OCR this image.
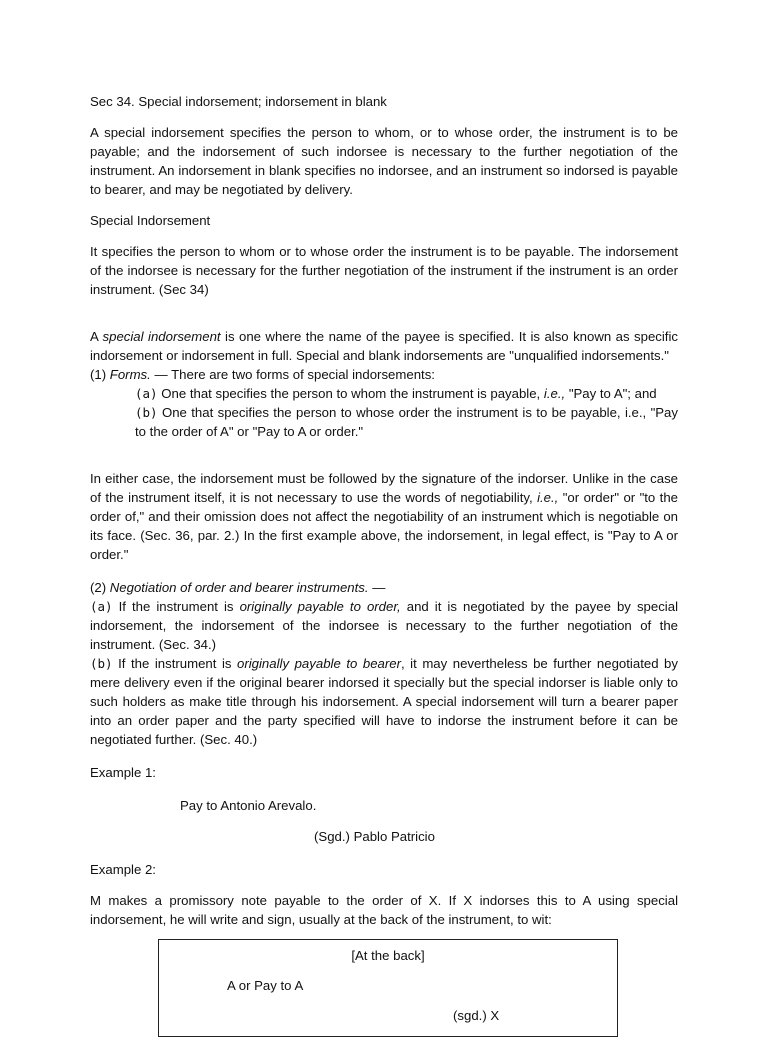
Sec 34. Special indorsement; indorsement in blank

A special indorsement specifies the person to whom, or to whose order, the instrument is to be payable; and the indorsement of such indorsee is necessary to the further negotiation of the instrument. An indorsement in blank specifies no indorsee, and an instrument so indorsed is payable to bearer, and may be negotiated by delivery.

Special Indorsement

It specifies the person to whom or to whose order the instrument is to be payable. The indorsement of the indorsee is necessary for the further negotiation of the instrument if the instrument is an order instrument. (Sec 34)

A special indorsement is one where the name of the payee is specified. It is also known as specific indorsement or indorsement in full. Special and blank indorsements are "unqualified indorsements."

(1) Forms. — There are two forms of special indorsements:

(a) One that specifies the person to whom the instrument is payable, i.e., "Pay to A"; and

(b) One that specifies the person to whose order the instrument is to be payable, i.e., "Pay to the order of A" or "Pay to A or order."

In either case, the indorsement must be followed by the signature of the indorser. Unlike in the case of the instrument itself, it is not necessary to use the words of negotiability, i.e., "or order" or "to the order of," and their omission does not affect the negotiability of an instrument which is negotiable on its face. (Sec. 36, par. 2.) In the first example above, the indorsement, in legal effect, is "Pay to A or order."

(2) Negotiation of order and bearer instruments. —

(a) If the instrument is originally payable to order, and it is negotiated by the payee by special indorsement, the indorsement of the indorsee is necessary to the further negotiation of the instrument. (Sec. 34.)

(b) If the instrument is originally payable to bearer, it may nevertheless be further negotiated by mere delivery even if the original bearer indorsed it specially but the special indorser is liable only to such holders as make title through his indorsement. A special indorsement will turn a bearer paper into an order paper and the party specified will have to indorse the instrument before it can be negotiated further. (Sec. 40.)

Example 1:

Pay to Antonio Arevalo.

(Sgd.) Pablo Patricio

Example 2:

M makes a promissory note payable to the order of X. If X indorses this to A using special indorsement, he will write and sign, usually at the back of the instrument, to wit:

[At the back]
A or Pay to A
(sgd.) X
